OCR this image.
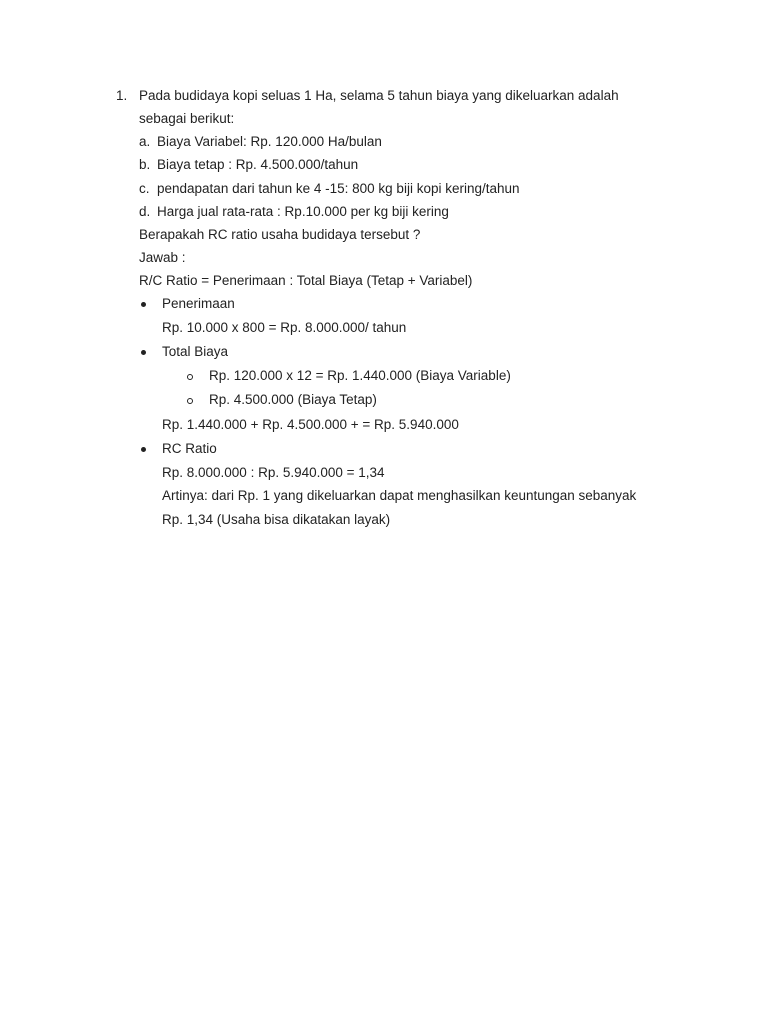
1. Pada budidaya kopi seluas 1 Ha, selama 5 tahun biaya yang dikeluarkan adalah
sebagai berikut:
a. Biaya Variabel: Rp. 120.000 Ha/bulan
b. Biaya tetap : Rp. 4.500.000/tahun
c. pendapatan dari tahun ke 4 -15: 800 kg biji kopi kering/tahun
d. Harga jual rata-rata : Rp.10.000 per kg biji kering
Berapakah RC ratio usaha budidaya tersebut ?
Jawab :
R/C Ratio = Penerimaan : Total Biaya (Tetap + Variabel)
Penerimaan
Rp. 10.000 x 800 = Rp. 8.000.000/ tahun
Total Biaya
Rp. 120.000 x 12 = Rp. 1.440.000 (Biaya Variable)
Rp. 4.500.000 (Biaya Tetap)
Rp. 1.440.000 + Rp. 4.500.000 + = Rp. 5.940.000
RC Ratio
Rp. 8.000.000 : Rp. 5.940.000 = 1,34
Artinya: dari Rp. 1 yang dikeluarkan dapat menghasilkan keuntungan sebanyak
Rp. 1,34 (Usaha bisa dikatakan layak)
